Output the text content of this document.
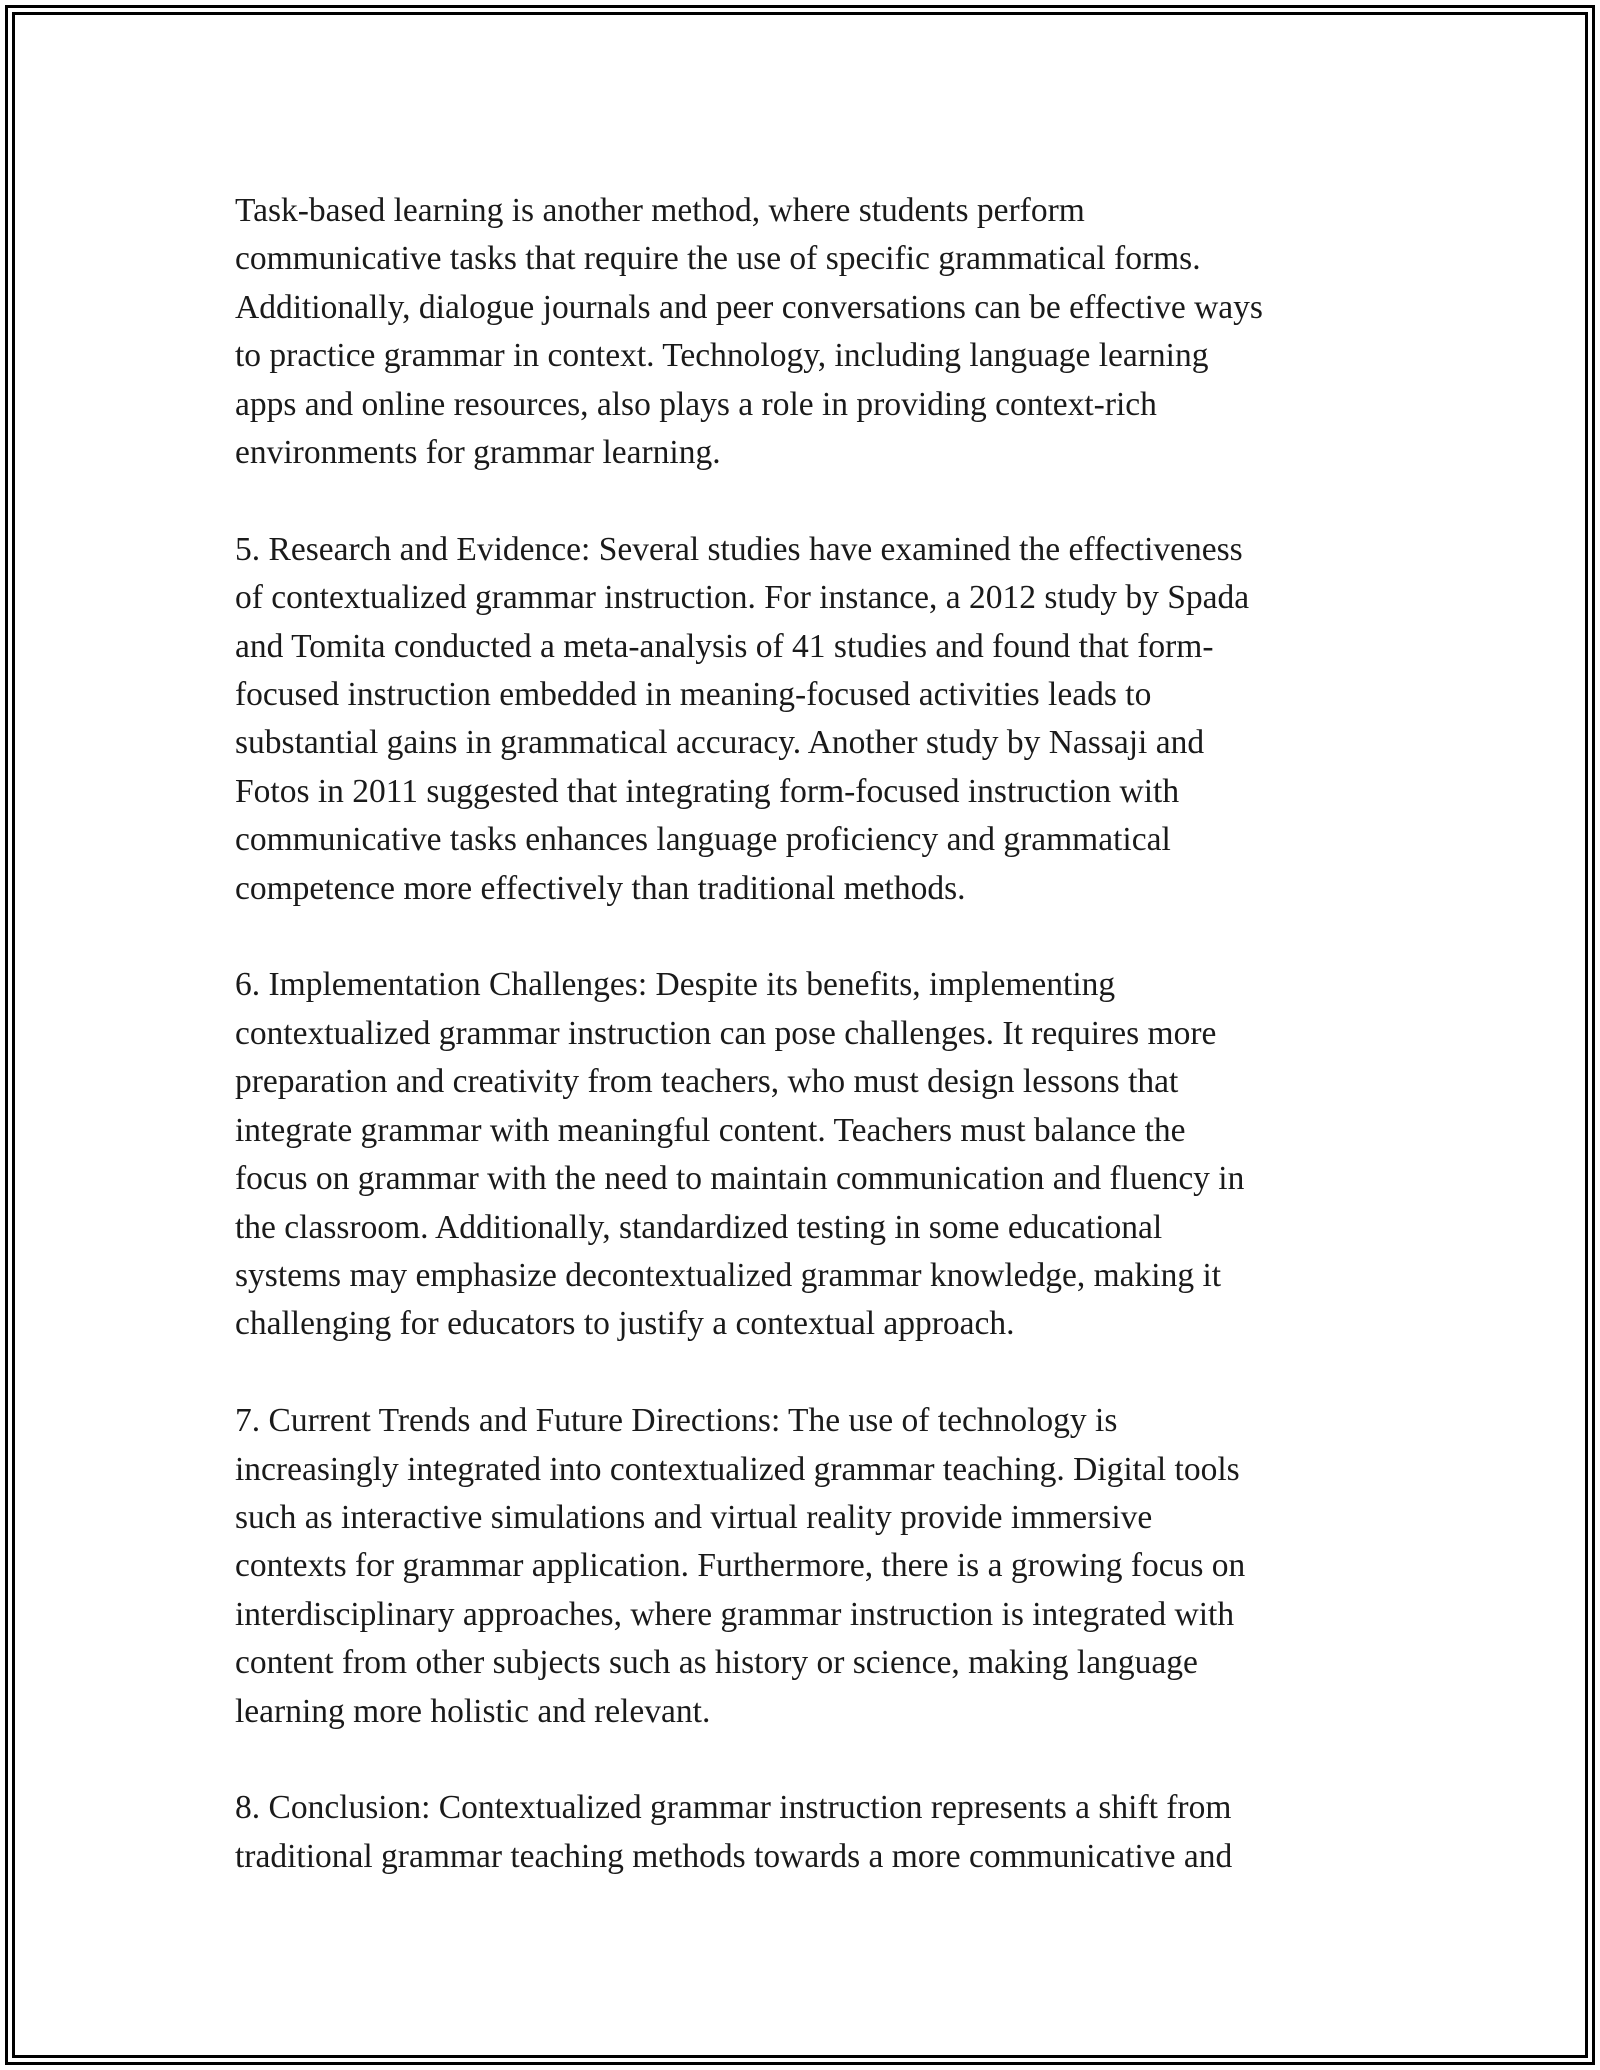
Task-based learning is another method, where students perform
communicative tasks that require the use of specific grammatical forms.
Additionally, dialogue journals and peer conversations can be effective ways
to practice grammar in context. Technology, including language learning
apps and online resources, also plays a role in providing context-rich
environments for grammar learning.
5. Research and Evidence: Several studies have examined the effectiveness
of contextualized grammar instruction. For instance, a 2012 study by Spada
and Tomita conducted a meta-analysis of 41 studies and found that form-
focused instruction embedded in meaning-focused activities leads to
substantial gains in grammatical accuracy. Another study by Nassaji and
Fotos in 2011 suggested that integrating form-focused instruction with
communicative tasks enhances language proficiency and grammatical
competence more effectively than traditional methods.
6. Implementation Challenges: Despite its benefits, implementing
contextualized grammar instruction can pose challenges. It requires more
preparation and creativity from teachers, who must design lessons that
integrate grammar with meaningful content. Teachers must balance the
focus on grammar with the need to maintain communication and fluency in
the classroom. Additionally, standardized testing in some educational
systems may emphasize decontextualized grammar knowledge, making it
challenging for educators to justify a contextual approach.
7. Current Trends and Future Directions: The use of technology is
increasingly integrated into contextualized grammar teaching. Digital tools
such as interactive simulations and virtual reality provide immersive
contexts for grammar application. Furthermore, there is a growing focus on
interdisciplinary approaches, where grammar instruction is integrated with
content from other subjects such as history or science, making language
learning more holistic and relevant.
8. Conclusion: Contextualized grammar instruction represents a shift from
traditional grammar teaching methods towards a more communicative and
